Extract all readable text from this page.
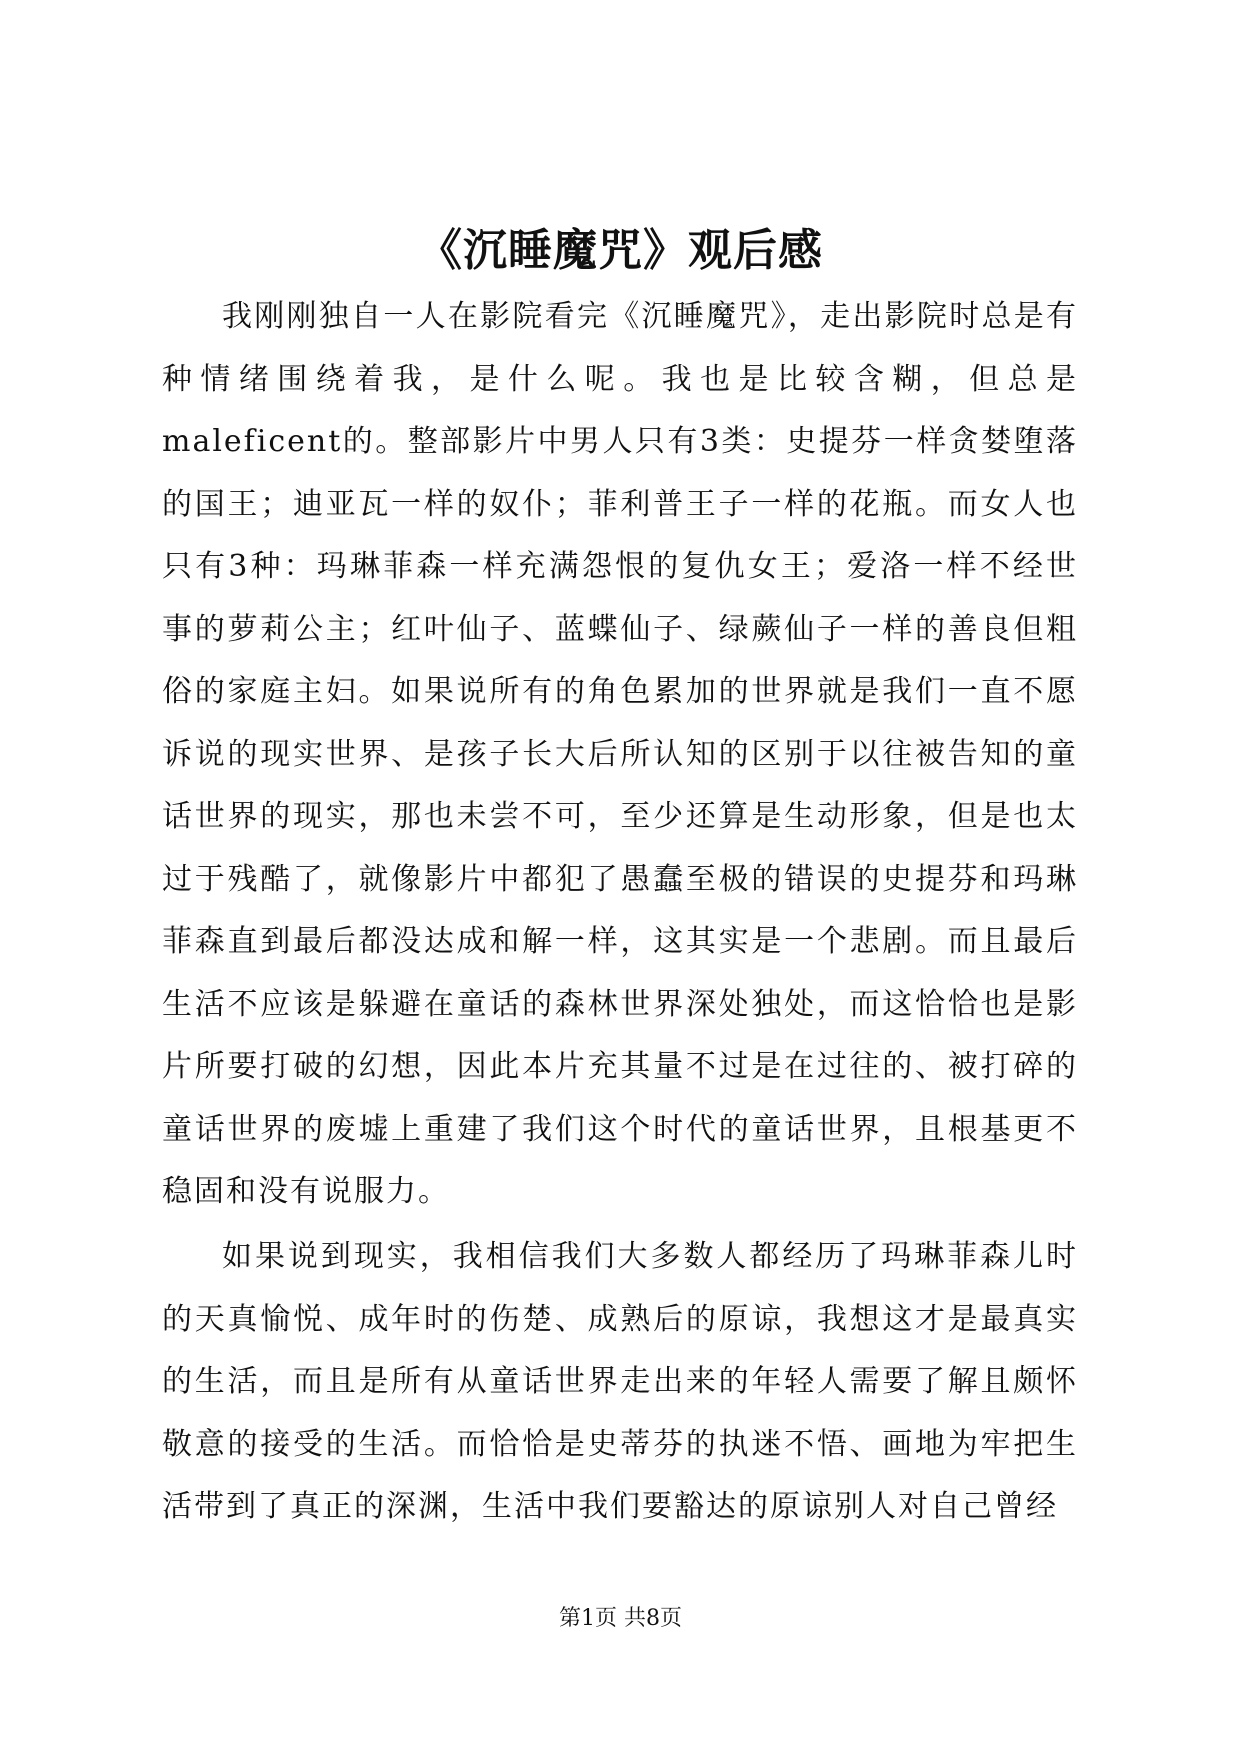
《沉睡魔咒》观后感

我刚刚独自一人在影院看完《沉睡魔咒》，走出影院时总是有种情绪围绕着我，是什么呢。我也是比较含糊，但总是maleficent的。整部影片中男人只有3类：史提芬一样贪婪堕落的国王；迪亚瓦一样的奴仆；菲利普王子一样的花瓶。而女人也只有3种：玛琳菲森一样充满怨恨的复仇女王；爱洛一样不经世事的萝莉公主；红叶仙子、蓝蝶仙子、绿蕨仙子一样的善良但粗俗的家庭主妇。如果说所有的角色累加的世界就是我们一直不愿诉说的现实世界、是孩子长大后所认知的区别于以往被告知的童话世界的现实，那也未尝不可，至少还算是生动形象，但是也太过于残酷了，就像影片中都犯了愚蠢至极的错误的史提芬和玛琳菲森直到最后都没达成和解一样，这其实是一个悲剧。而且最后生活不应该是躲避在童话的森林世界深处独处，而这恰恰也是影片所要打破的幻想，因此本片充其量不过是在过往的、被打碎的童话世界的废墟上重建了我们这个时代的童话世界，且根基更不稳固和没有说服力。

如果说到现实，我相信我们大多数人都经历了玛琳菲森儿时的天真愉悦、成年时的伤楚、成熟后的原谅，我想这才是最真实的生活，而且是所有从童话世界走出来的年轻人需要了解且颇怀敬意的接受的生活。而恰恰是史蒂芬的执迷不悟、画地为牢把生活带到了真正的深渊，生活中我们要豁达的原谅别人对自己曾经

第1页 共8页
